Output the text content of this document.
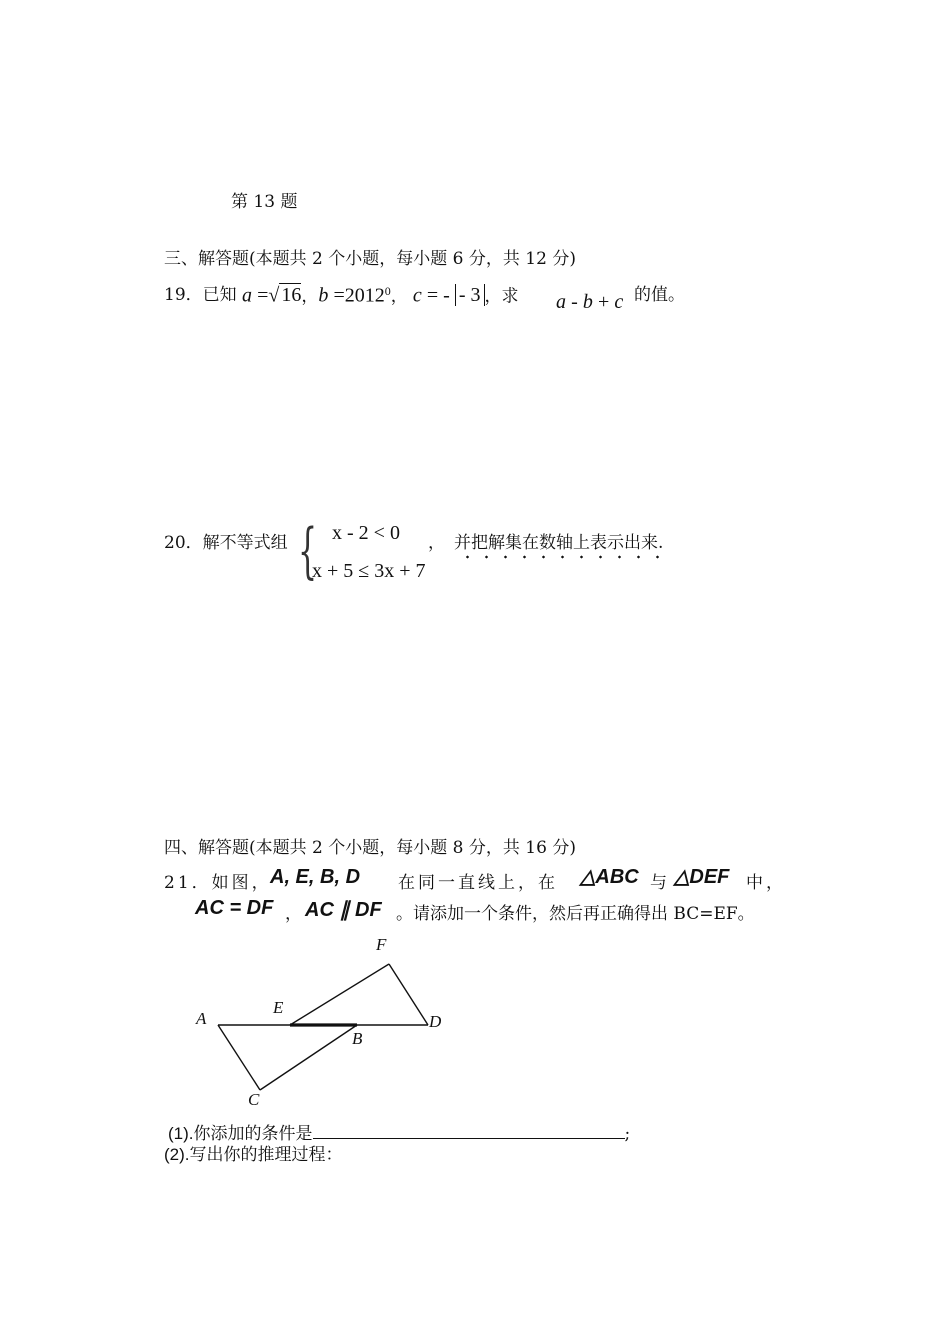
第 13 题
三、解答题(本题共 2 个小题，每小题 6 分，共 12 分)
19．已知 a =√ 16，$b =2012^0$， c = - - 3 ，求 a - b + c 的值。
20．解不等式组 { x - 2 < 0
x + 5 ≤ 3x + 7
， 并把解集在数轴上表示出来.
四、解答题(本题共 2 个小题，每小题 8 分，共 16 分)
21．如图，
A, E, B, D 在同一直线上，在 △ABC 与 △DEF 中，
AC = DF ， AC ∥ DF 。请添加一个条件，然后再正确得出 BC=EF。
A
E
B
D
F
C
(1).你添加的条件是	;
(2).写出你的推理过程：
